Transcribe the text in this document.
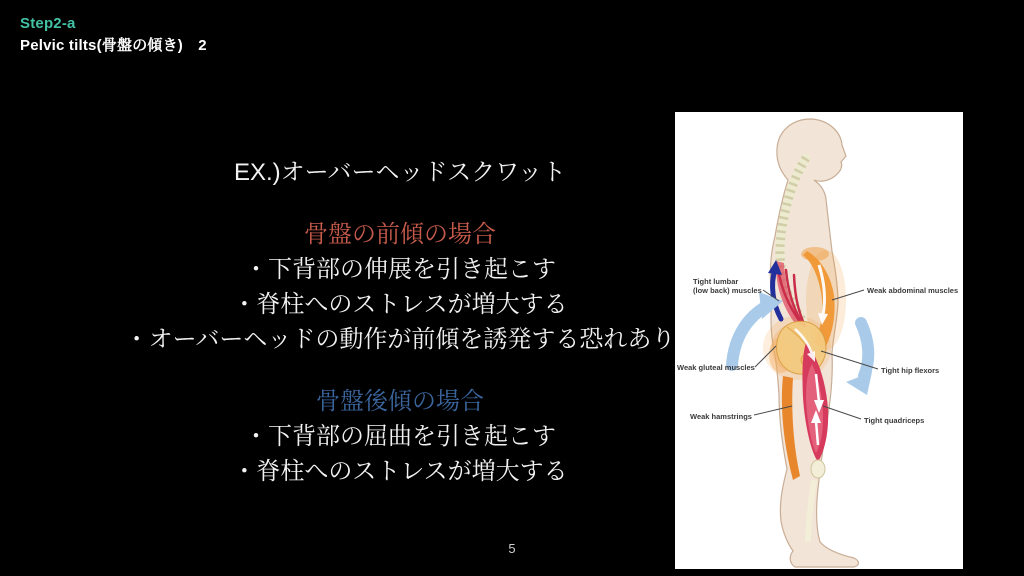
Step2-a
Pelvic tilts(骨盤の傾き)　2
EX.)オーバーヘッドスクワット
骨盤の前傾の場合
・下背部の伸展を引き起こす
・脊柱へのストレスが増大する
・オーバーヘッドの動作が前傾を誘発する恐れあり
骨盤後傾の場合
・下背部の屈曲を引き起こす
・脊柱へのストレスが増大する
5
Tight lumbar
(low back) muscles	Weak abdominal muscles
Weak gluteal muscles	Tight hip flexors
Weak hamstrings	Tight quadriceps
